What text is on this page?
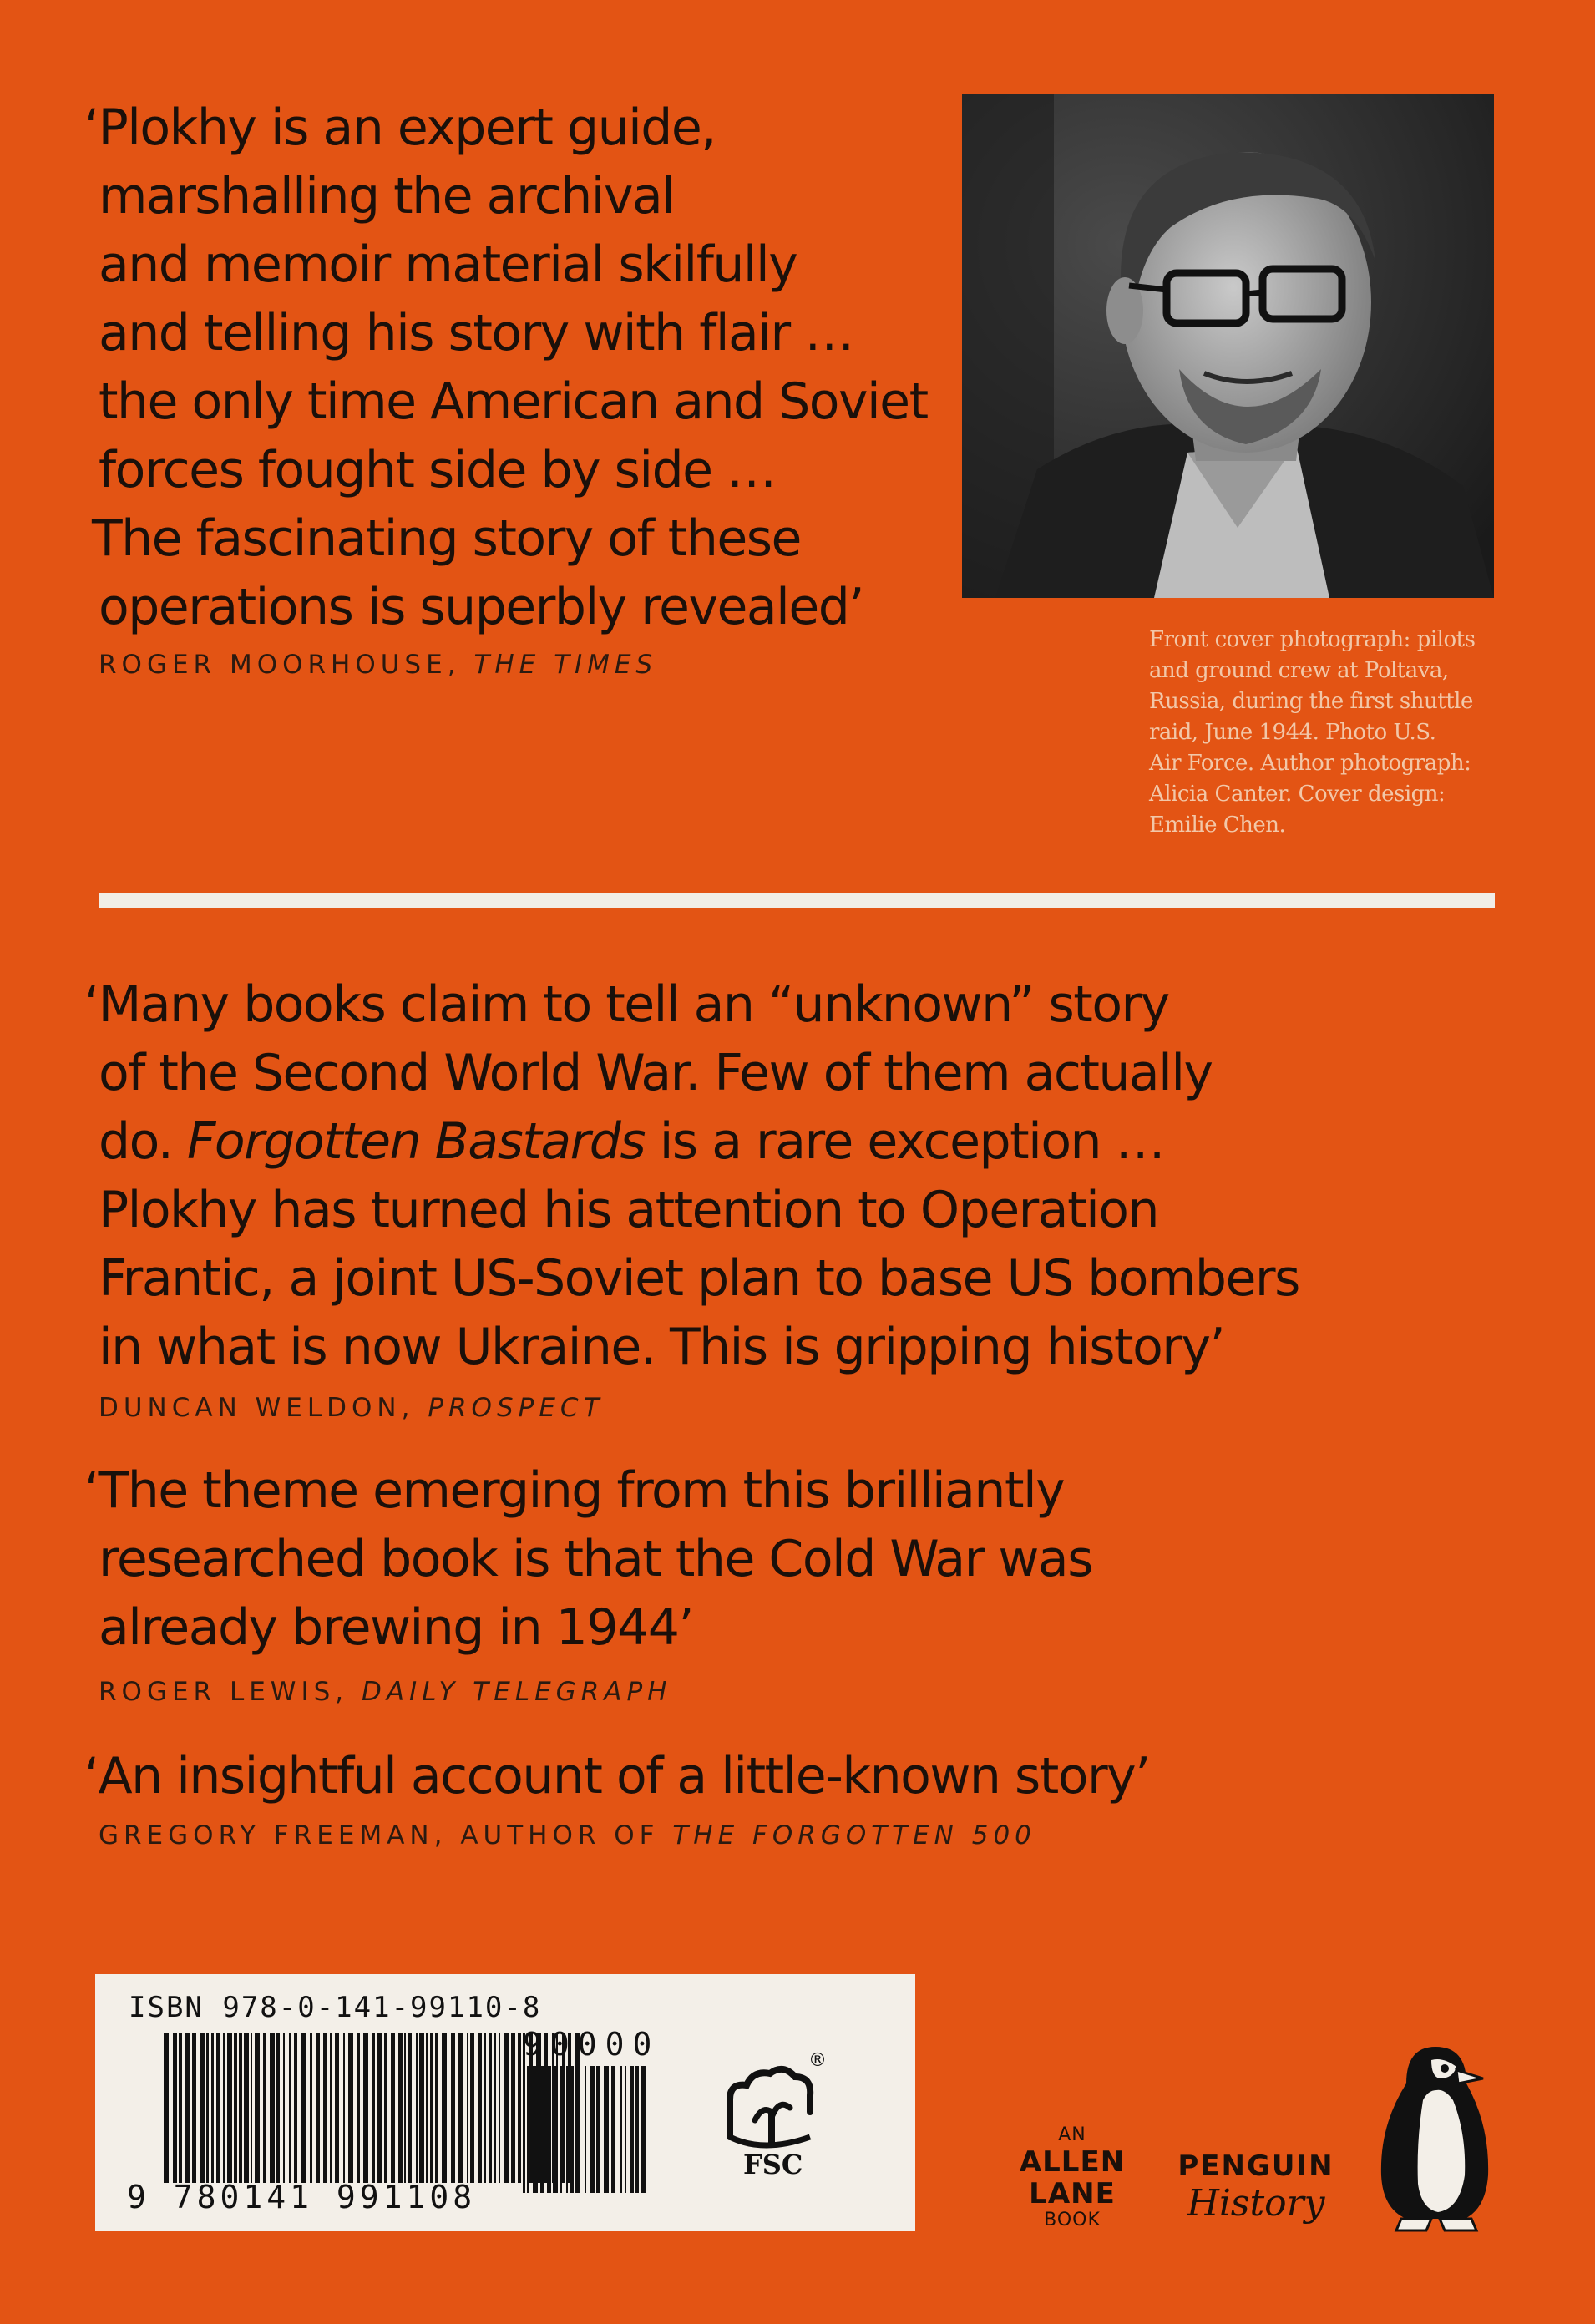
‘Plokhy is an expert guide,
marshalling the archival
and memoir material skilfully
and telling his story with flair …
the only time American and Soviet
forces fought side by side …
The fascinating story of these
operations is superbly revealed’
ROGER MOORHOUSE, THE TIMES
Front cover photograph: pilots
and ground crew at Poltava,
Russia, during the first shuttle
raid, June 1944. Photo U.S.
Air Force. Author photograph:
Alicia Canter. Cover design:
Emilie Chen.
‘Many books claim to tell an “unknown” story
of the Second World War. Few of them actually
do. Forgotten Bastards is a rare exception …
Plokhy has turned his attention to Operation
Frantic, a joint US-Soviet plan to base US bombers
in what is now Ukraine. This is gripping history’
DUNCAN WELDON, PROSPECT
‘The theme emerging from this brilliantly
researched book is that the Cold War was
already brewing in 1944’
ROGER LEWIS, DAILY TELEGRAPH
‘An insightful account of a little-known story’
GREGORY FREEMAN, AUTHOR OF THE FORGOTTEN 500
ISBN 978-0-141-99110-8
9 780141 991108
90000
FSC
®
AN
ALLEN
LANE
BOOK
PENGUIN
History
